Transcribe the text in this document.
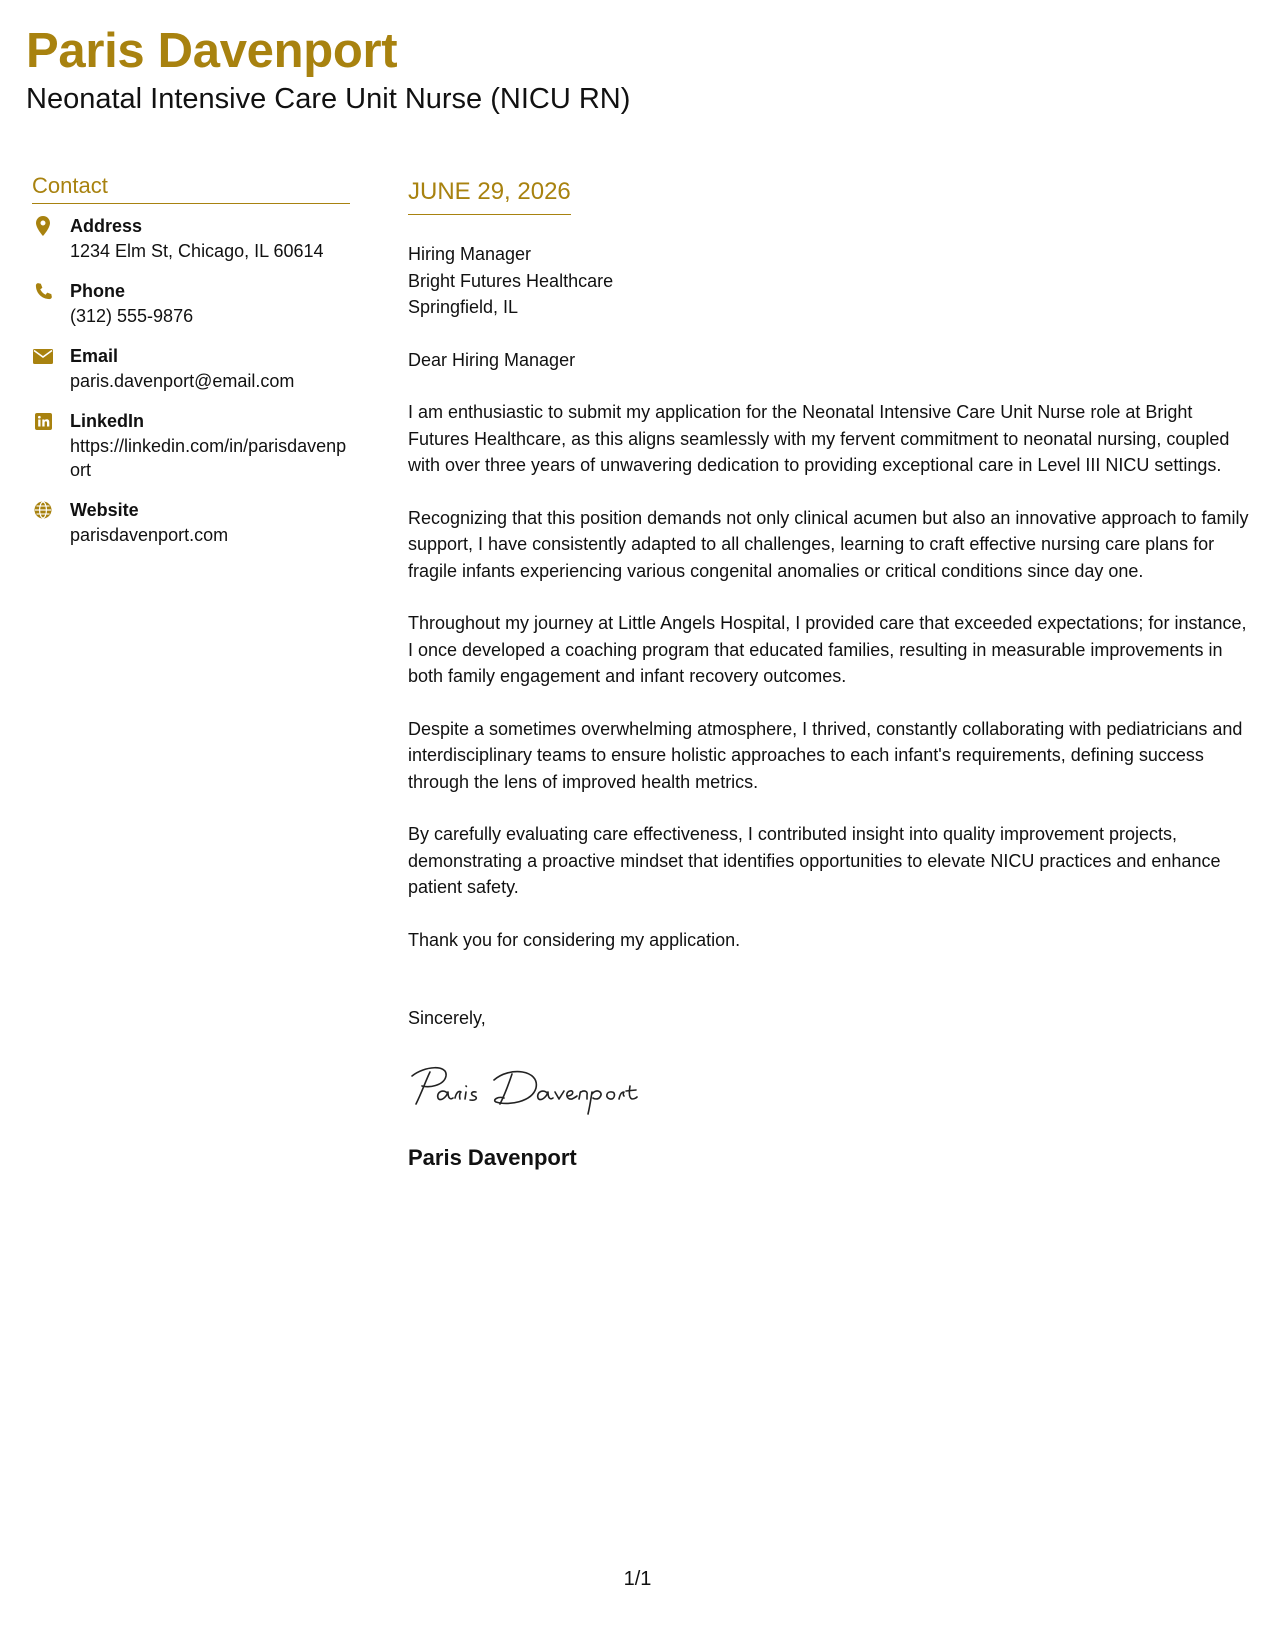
Paris Davenport
Neonatal Intensive Care Unit Nurse (NICU RN)
Contact
Address
1234 Elm St, Chicago, IL 60614
Phone
(312) 555-9876
Email
paris.davenport@email.com
LinkedIn
https://linkedin.com/in/parisdavenport
Website
parisdavenport.com
JUNE 29, 2026
Hiring Manager
Bright Futures Healthcare
Springfield, IL

Dear Hiring Manager

I am enthusiastic to submit my application for the Neonatal Intensive Care Unit Nurse role at Bright Futures Healthcare, as this aligns seamlessly with my fervent commitment to neonatal nursing, coupled with over three years of unwavering dedication to providing exceptional care in Level III NICU settings.

Recognizing that this position demands not only clinical acumen but also an innovative approach to family support, I have consistently adapted to all challenges, learning to craft effective nursing care plans for fragile infants experiencing various congenital anomalies or critical conditions since day one.

Throughout my journey at Little Angels Hospital, I provided care that exceeded expectations; for instance, I once developed a coaching program that educated families, resulting in measurable improvements in both family engagement and infant recovery outcomes.

Despite a sometimes overwhelming atmosphere, I thrived, constantly collaborating with pediatricians and interdisciplinary teams to ensure holistic approaches to each infant's requirements, defining success through the lens of improved health metrics.

By carefully evaluating care effectiveness, I contributed insight into quality improvement projects, demonstrating a proactive mindset that identifies opportunities to elevate NICU practices and enhance patient safety.

Thank you for considering my application.

Sincerely,
Paris Davenport
1/1
